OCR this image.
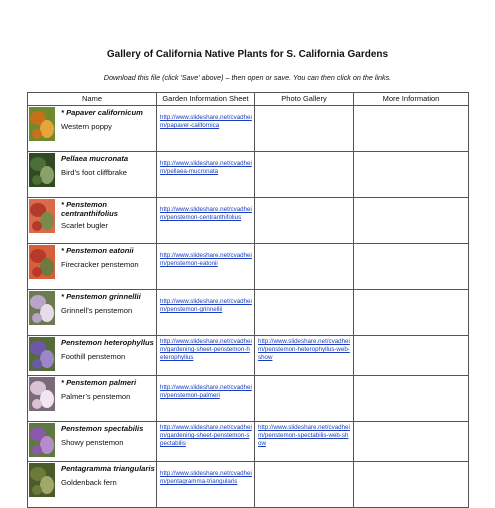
Gallery of California Native Plants for S. California Gardens

Download this file (click 'Save' above) – then open or save. You can then click on the links.

Name	Garden Information Sheet	Photo Gallery	More Information

* Papaver californicum
Western poppy	http://www.slideshare.net/cvadhei m/papaver-californica		

Pellaea mucronata
Bird’s foot cliffbrake	http://www.slideshare.net/cvadhei m/pellaea-mucronata		

* Penstemon centranthifolius
Scarlet bugler	http://www.slideshare.net/cvadhei m/penstemon-centranthifolius		

* Penstemon eatonii
Firecracker penstemon	http://www.slideshare.net/cvadhei m/penstemon-eatonii		

* Penstemon grinnellii
Grinnell’s penstemon	http://www.slideshare.net/cvadhei m/penstemon-grinnellii		

Penstemon heterophyllus
Foothill penstemon	http://www.slideshare.net/cvadhei m/gardening-sheet-penstemon-heterophyllus	http://www.slideshare.net/cvadhei m/penstemon-heterophyllus-web-show	

* Penstemon palmeri
Palmer’s penstemon	http://www.slideshare.net/cvadhei m/penstemon-palmeri		

Penstemon spectabilis
Showy penstemon	http://www.slideshare.net/cvadhei m/gardening-sheet-penstemon-spectabilis	http://www.slideshare.net/cvadhei m/penstemon-spectabilis-web-show	

Pentagramma triangularis
Goldenback fern	http://www.slideshare.net/cvadhei m/pentagramma-triangularis		
